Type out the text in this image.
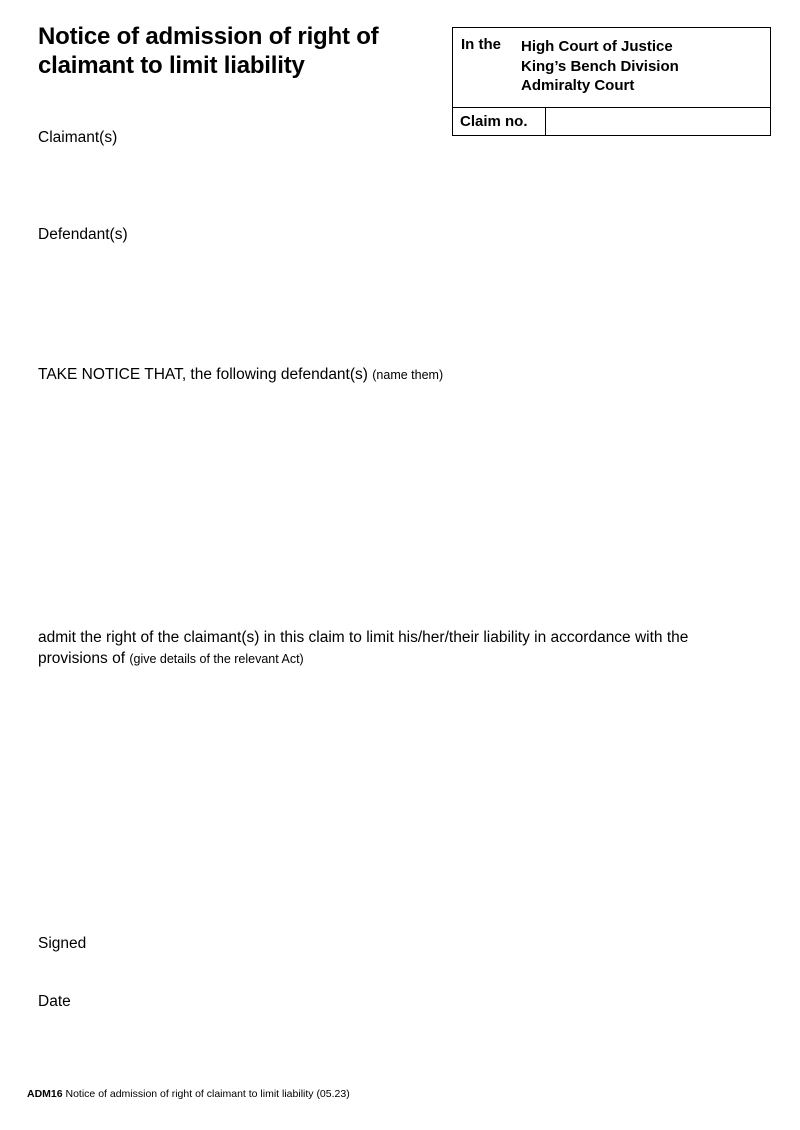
Notice of admission of right of claimant to limit liability
In the High Court of Justice
King’s Bench Division
Admiralty Court
Claim no.
Claimant(s)
Defendant(s)
TAKE NOTICE THAT, the following defendant(s) (name them)
admit the right of the claimant(s) in this claim to limit his/her/their liability in accordance with the provisions of (give details of the relevant Act)
Signed
Date
ADM16 Notice of admission of right of claimant to limit liability (05.23)
